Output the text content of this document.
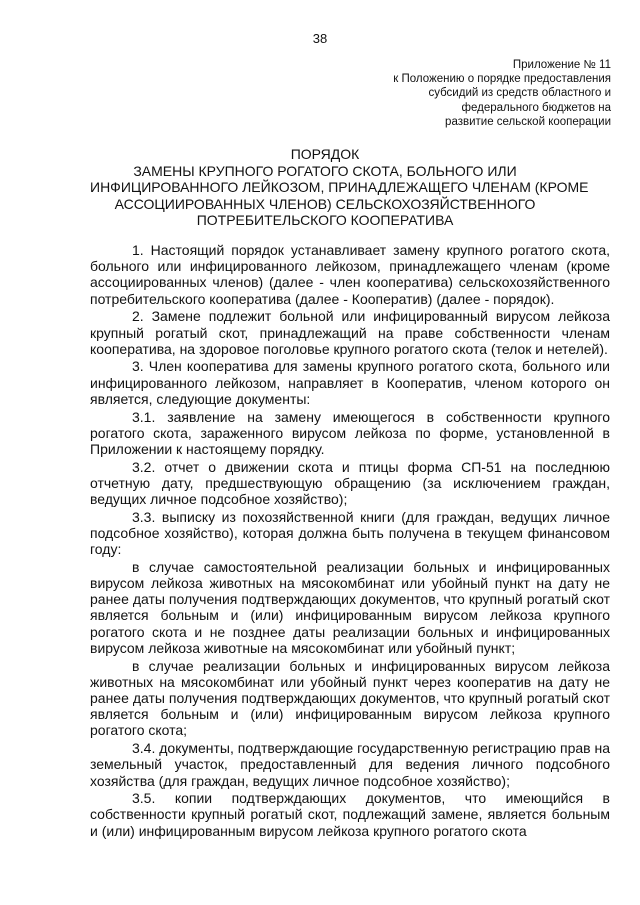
38
Приложение № 11
к Положению о порядке предоставления
субсидий из средств областного и
федерального бюджетов на
развитие сельской кооперации
ПОРЯДОК
ЗАМЕНЫ КРУПНОГО РОГАТОГО СКОТА, БОЛЬНОГО ИЛИ
ИНФИЦИРОВАННОГО ЛЕЙКОЗОМ, ПРИНАДЛЕЖАЩЕГО ЧЛЕНАМ (КРОМЕ
АССОЦИИРОВАННЫХ ЧЛЕНОВ) СЕЛЬСКОХОЗЯЙСТВЕННОГО
ПОТРЕБИТЕЛЬСКОГО КООПЕРАТИВА

1. Настоящий порядок устанавливает замену крупного рогатого скота, больного или инфицированного лейкозом, принадлежащего членам (кроме ассоциированных членов) (далее - член кооператива) сельскохозяйственного потребительского кооператива (далее - Кооператив) (далее - порядок).

2. Замене подлежит больной или инфицированный вирусом лейкоза крупный рогатый скот, принадлежащий на праве собственности членам кооператива, на здоровое поголовье крупного рогатого скота (телок и нетелей).

3. Член кооператива для замены крупного рогатого скота, больного или инфицированного лейкозом, направляет в Кооператив, членом которого он является, следующие документы:

3.1. заявление на замену имеющегося в собственности крупного рогатого скота, зараженного вирусом лейкоза по форме, установленной в Приложении к настоящему порядку.

3.2. отчет о движении скота и птицы форма СП-51 на последнюю отчетную дату, предшествующую обращению (за исключением граждан, ведущих личное подсобное хозяйство);

3.3. выписку из похозяйственной книги (для граждан, ведущих личное подсобное хозяйство), которая должна быть получена в текущем финансовом году:

в случае самостоятельной реализации больных и инфицированных вирусом лейкоза животных на мясокомбинат или убойный пункт на дату не ранее даты получения подтверждающих документов, что крупный рогатый скот является больным и (или) инфицированным вирусом лейкоза крупного рогатого скота и не позднее даты реализации больных и инфицированных вирусом лейкоза животные на мясокомбинат или убойный пункт;

в случае реализации больных и инфицированных вирусом лейкоза животных на мясокомбинат или убойный пункт через кооператив на дату не ранее даты получения подтверждающих документов, что крупный рогатый скот является больным и (или) инфицированным вирусом лейкоза крупного рогатого скота;

3.4. документы, подтверждающие государственную регистрацию прав на земельный участок, предоставленный для ведения личного подсобного хозяйства (для граждан, ведущих личное подсобное хозяйство);

3.5. копии подтверждающих документов, что имеющийся в собственности крупный рогатый скот, подлежащий замене, является больным и (или) инфицированным вирусом лейкоза крупного рогатого скота
